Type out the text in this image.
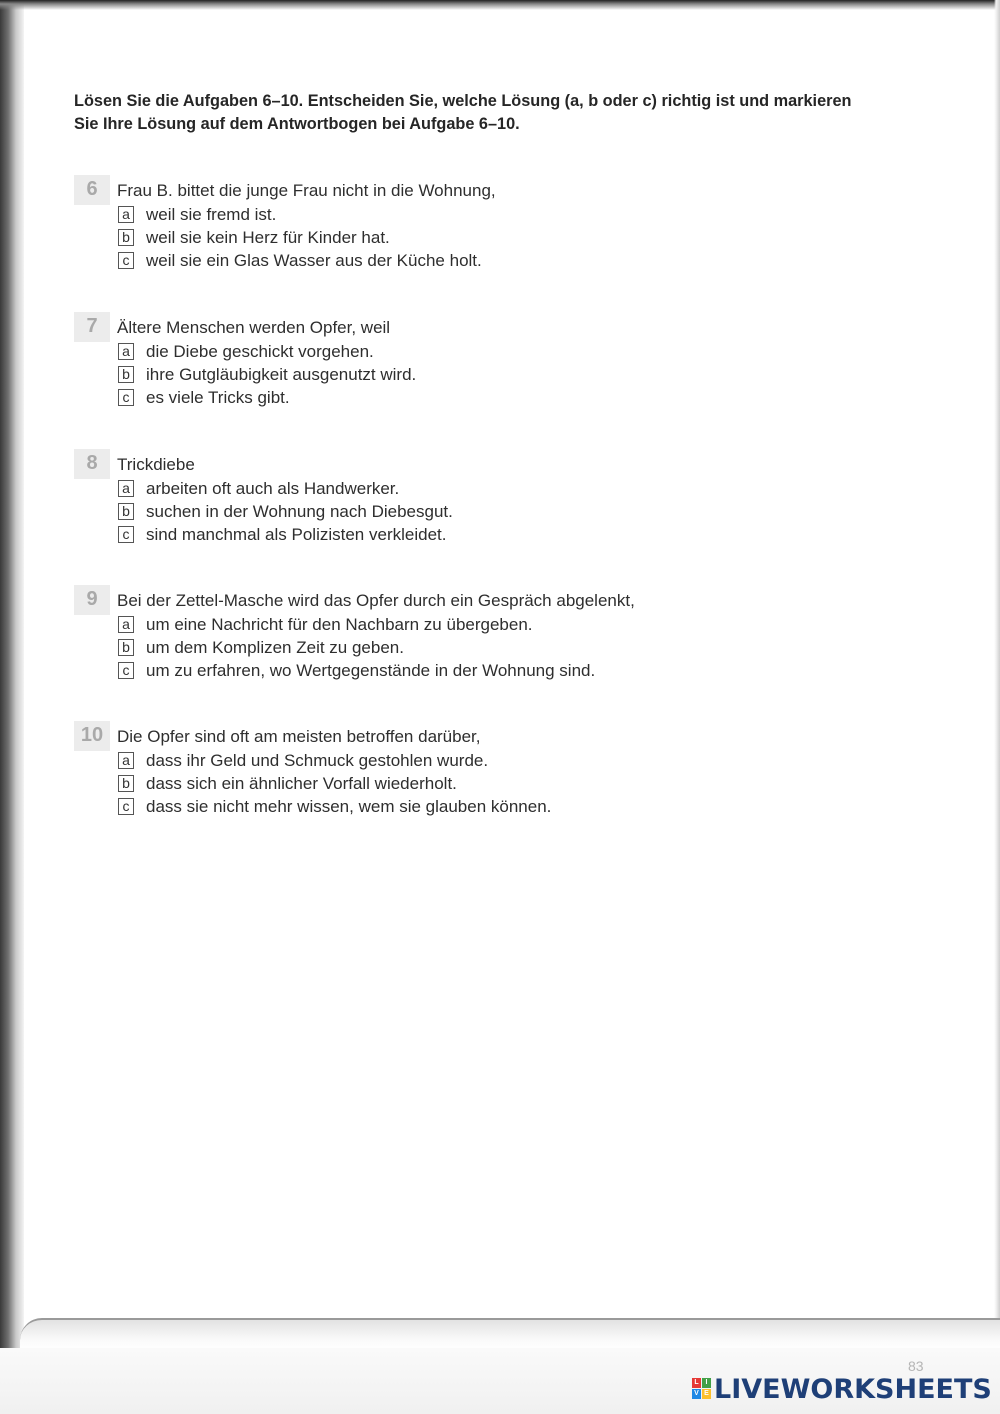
Lösen Sie die Aufgaben 6–10. Entscheiden Sie, welche Lösung (a, b oder c) richtig ist und markieren Sie Ihre Lösung auf dem Antwortbogen bei Aufgabe 6–10.
6	Frau B. bittet die junge Frau nicht in die Wohnung,
a weil sie fremd ist.
b weil sie kein Herz für Kinder hat.
c weil sie ein Glas Wasser aus der Küche holt.
7	Ältere Menschen werden Opfer, weil
a die Diebe geschickt vorgehen.
b ihre Gutgläubigkeit ausgenutzt wird.
c es viele Tricks gibt.
8	Trickdiebe
a arbeiten oft auch als Handwerker.
b suchen in der Wohnung nach Diebesgut.
c sind manchmal als Polizisten verkleidet.
9	Bei der Zettel-Masche wird das Opfer durch ein Gespräch abgelenkt,
a um eine Nachricht für den Nachbarn zu übergeben.
b um dem Komplizen Zeit zu geben.
c um zu erfahren, wo Wertgegenstände in der Wohnung sind.
10 Die Opfer sind oft am meisten betroffen darüber,
a dass ihr Geld und Schmuck gestohlen wurde.
b dass sich ein ähnlicher Vorfall wiederholt.
c dass sie nicht mehr wissen, wem sie glauben können.
83
L I
V E LIVEWORKSHEETS
